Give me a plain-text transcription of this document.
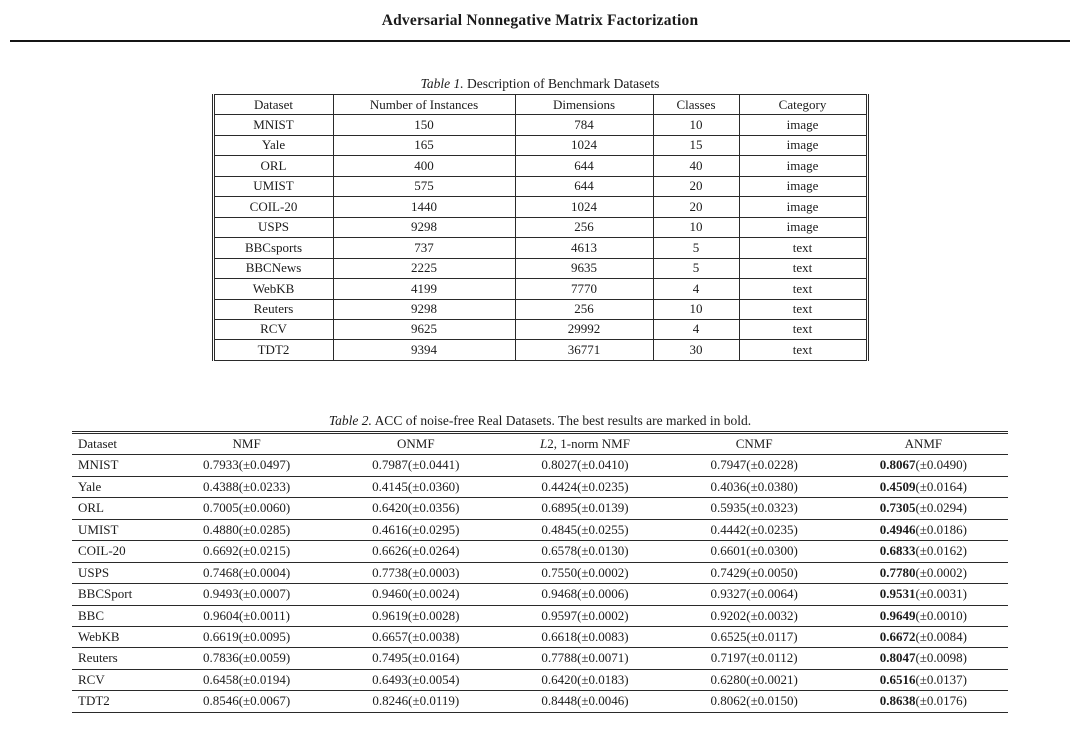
Adversarial Nonnegative Matrix Factorization
Table 1. Description of Benchmark Datasets
Dataset	Number of Instances	Dimensions	Classes	Category
MNIST	150	784	10	image
Yale	165	1024	15	image
ORL	400	644	40	image
UMIST	575	644	20	image
COIL-20	1440	1024	20	image
USPS	9298	256	10	image
BBCsports	737	4613	5	text
BBCNews	2225	9635	5	text
WebKB	4199	7770	4	text
Reuters	9298	256	10	text
RCV	9625	29992	4	text
TDT2	9394	36771	30	text
Table 2. ACC of noise-free Real Datasets. The best results are marked in bold.
Dataset	NMF	ONMF	L2, 1-norm NMF	CNMF	ANMF
MNIST	0.7933(±0.0497)	0.7987(±0.0441)	0.8027(±0.0410)	0.7947(±0.0228)	0.8067(±0.0490)
Yale	0.4388(±0.0233)	0.4145(±0.0360)	0.4424(±0.0235)	0.4036(±0.0380)	0.4509(±0.0164)
ORL	0.7005(±0.0060)	0.6420(±0.0356)	0.6895(±0.0139)	0.5935(±0.0323)	0.7305(±0.0294)
UMIST	0.4880(±0.0285)	0.4616(±0.0295)	0.4845(±0.0255)	0.4442(±0.0235)	0.4946(±0.0186)
COIL-20	0.6692(±0.0215)	0.6626(±0.0264)	0.6578(±0.0130)	0.6601(±0.0300)	0.6833(±0.0162)
USPS	0.7468(±0.0004)	0.7738(±0.0003)	0.7550(±0.0002)	0.7429(±0.0050)	0.7780(±0.0002)
BBCSport	0.9493(±0.0007)	0.9460(±0.0024)	0.9468(±0.0006)	0.9327(±0.0064)	0.9531(±0.0031)
BBC	0.9604(±0.0011)	0.9619(±0.0028)	0.9597(±0.0002)	0.9202(±0.0032)	0.9649(±0.0010)
WebKB	0.6619(±0.0095)	0.6657(±0.0038)	0.6618(±0.0083)	0.6525(±0.0117)	0.6672(±0.0084)
Reuters	0.7836(±0.0059)	0.7495(±0.0164)	0.7788(±0.0071)	0.7197(±0.0112)	0.8047(±0.0098)
RCV	0.6458(±0.0194)	0.6493(±0.0054)	0.6420(±0.0183)	0.6280(±0.0021)	0.6516(±0.0137)
TDT2	0.8546(±0.0067)	0.8246(±0.0119)	0.8448(±0.0046)	0.8062(±0.0150)	0.8638(±0.0176)
